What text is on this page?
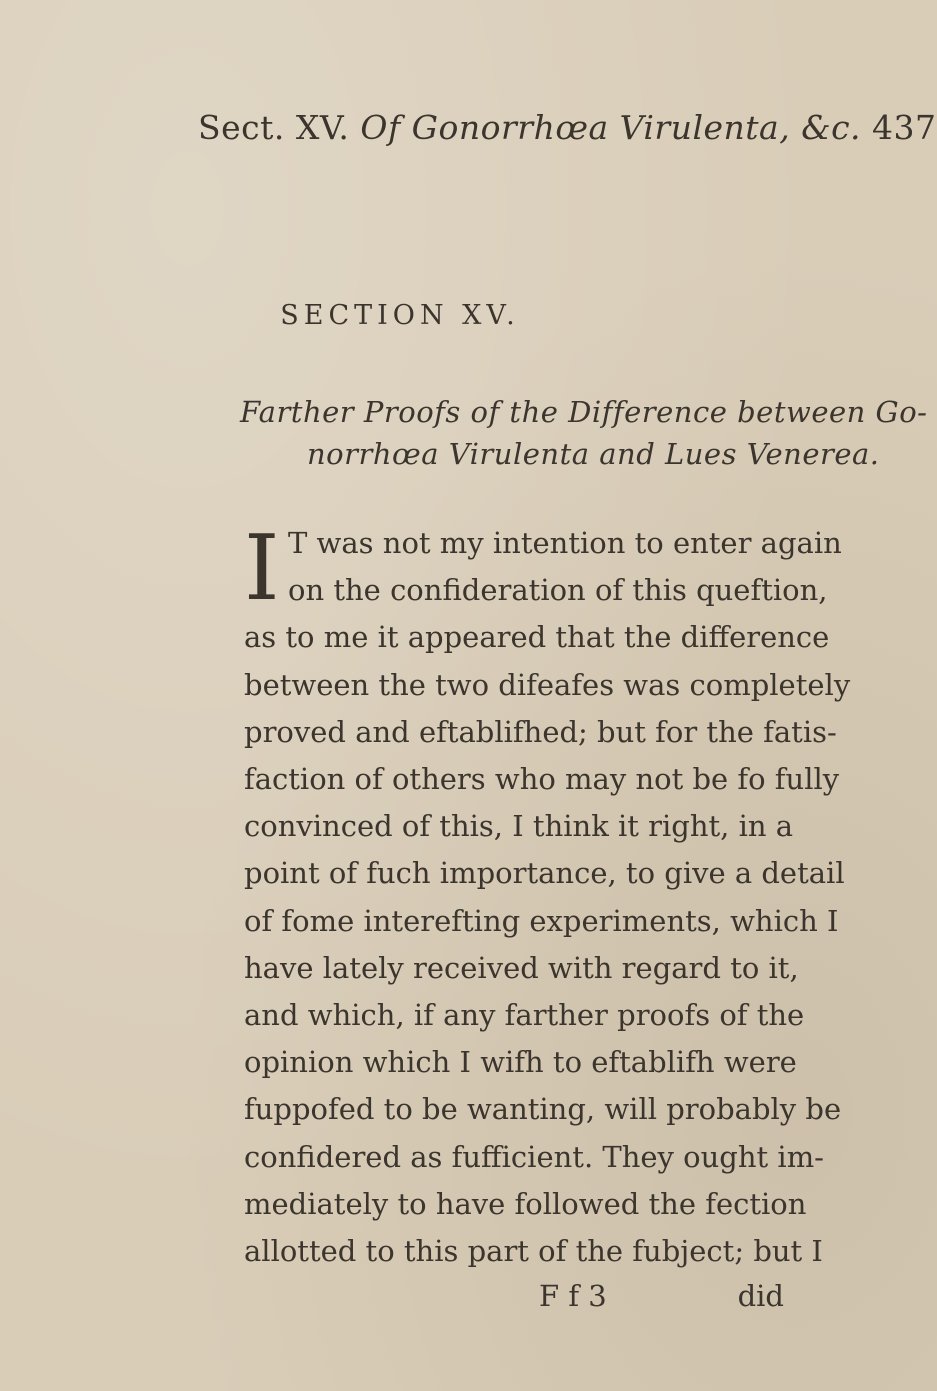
Sect. XV. Of Gonorrhœa Virulenta, &c. 437
SECTION XV.
Farther Proofs of the Difference between Go-
norrhœa Virulenta and Lues Venerea.
I T was not my intention to enter again
on the confideration of this queftion,
as to me it appeared that the difference
between the two difeafes was completely
proved and eftablifhed; but for the fatis-
faction of others who may not be fo fully
convinced of this, I think it right, in a
point of fuch importance, to give a detail
of fome interefting experiments, which I
have lately received with regard to it,
and which, if any farther proofs of the
opinion which I wifh to eftablifh were
fuppofed to be wanting, will probably be
confidered as fufficient. They ought im-
mediately to have followed the fection
allotted to this part of the fubject; but I
F f 3	did
